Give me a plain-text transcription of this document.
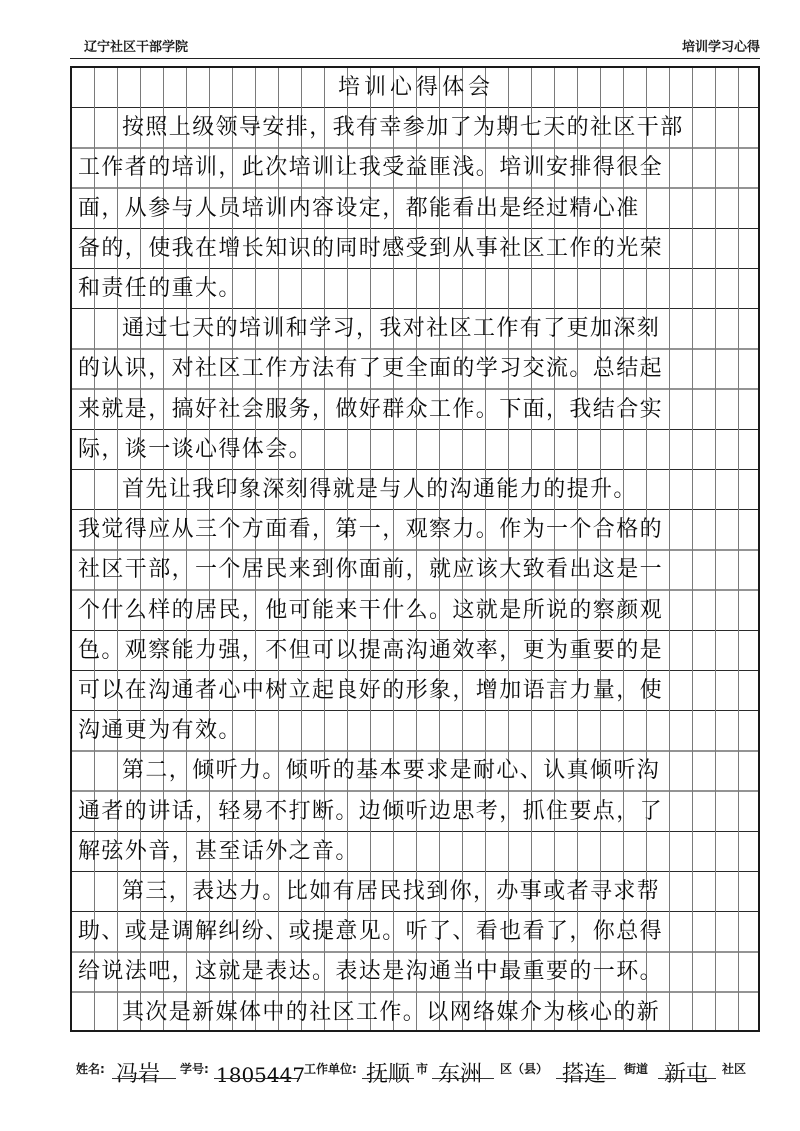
辽宁社区干部学院	培训学习心得
培训心得体会
按照上级领导安排，我有幸参加了为期七天的社区干部
工作者的培训，此次培训让我受益匪浅。培训安排得很全
面，从参与人员培训内容设定，都能看出是经过精心准
备的，使我在增长知识的同时感受到从事社区工作的光荣
和责任的重大。
通过七天的培训和学习，我对社区工作有了更加深刻
的认识，对社区工作方法有了更全面的学习交流。总结起
来就是，搞好社会服务，做好群众工作。下面，我结合实
际，谈一谈心得体会。
首先让我印象深刻得就是与人的沟通能力的提升。
我觉得应从三个方面看，第一，观察力。作为一个合格的
社区干部，一个居民来到你面前，就应该大致看出这是一
个什么样的居民，他可能来干什么。这就是所说的察颜观
色。观察能力强，不但可以提高沟通效率，更为重要的是
可以在沟通者心中树立起良好的形象，增加语言力量，使
沟通更为有效。
第二，倾听力。倾听的基本要求是耐心、认真倾听沟
通者的讲话，轻易不打断。边倾听边思考，抓住要点，了
解弦外音，甚至话外之音。
第三，表达力。比如有居民找到你，办事或者寻求帮
助、或是调解纠纷、或提意见。听了、看也看了，你总得
给说法吧，这就是表达。表达是沟通当中最重要的一环。
其次是新媒体中的社区工作。以网络媒介为核心的新
姓名: 冯岩 学号: 1805447
工作单位: 抚顺 市 东洲 区（县） 搭连 街道 新屯 社区
